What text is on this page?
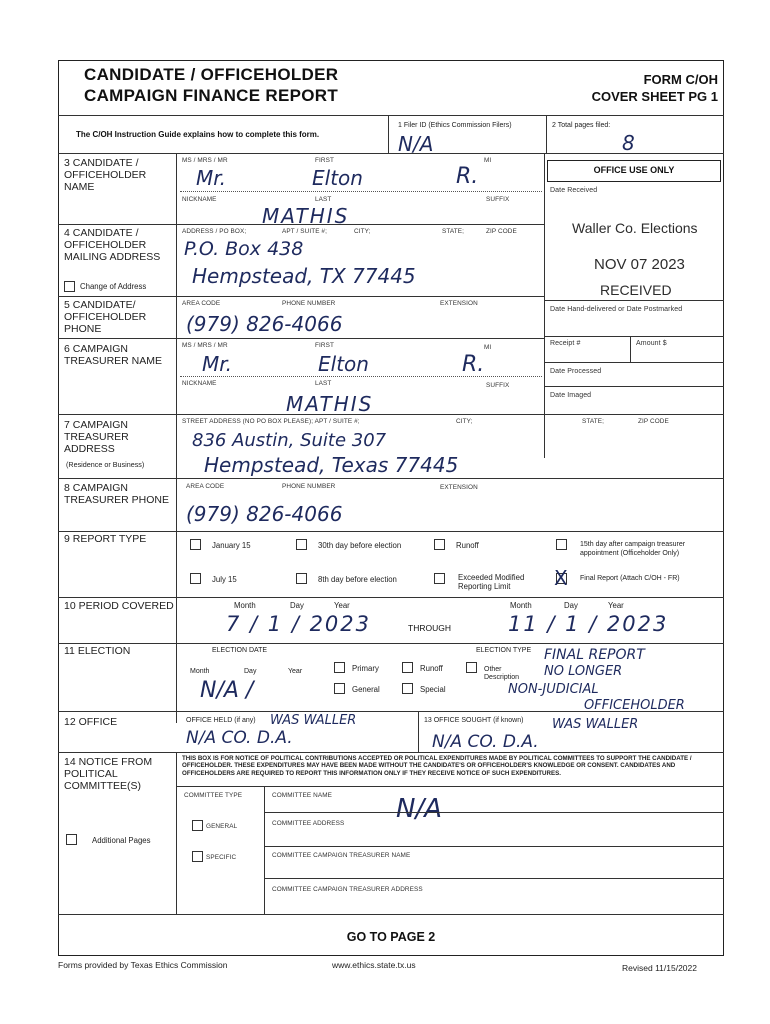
CANDIDATE / OFFICEHOLDER
CAMPAIGN FINANCE REPORT
FORM C/OH
COVER SHEET PG 1
The C/OH Instruction Guide explains how to complete this form.
1 Filer ID (Ethics Commission Filers)
N/A
2 Total pages filed:
8
3 CANDIDATE / OFFICEHOLDER NAME
MS / MRS / MR	FIRST	MI
Mr.	Elton	R.
NICKNAME	LAST	SUFFIX
MATHIS
OFFICE USE ONLY
Date Received
Waller Co. Elections
NOV 07 2023
RECEIVED
Date Hand-delivered or Date Postmarked
Receipt #	Amount $
Date Processed
Date Imaged
4 CANDIDATE / OFFICEHOLDER MAILING ADDRESS
Change of Address
ADDRESS / PO BOX;	APT / SUITE #;	CITY;	STATE;	ZIP CODE
P.O. Box 438
Hempstead, TX 77445
5 CANDIDATE/ OFFICEHOLDER PHONE
AREA CODE	PHONE NUMBER	EXTENSION
(979) 826-4066
6 CAMPAIGN TREASURER NAME
MS / MRS / MR	FIRST	MI
Mr.	Elton	R.
NICKNAME	LAST	SUFFIX
MATHIS
7 CAMPAIGN TREASURER ADDRESS
(Residence or Business)
STREET ADDRESS (NO PO BOX PLEASE); APT / SUITE #;	CITY;	STATE;	ZIP CODE
836 Austin, Suite 307
Hempstead, Texas 77445
8 CAMPAIGN TREASURER PHONE
AREA CODE	PHONE NUMBER	EXTENSION
(979) 826-4066
9 REPORT TYPE
January 15	30th day before election	Runoff	15th day after campaign treasurer appointment (Officeholder Only)
July 15	8th day before election	Exceeded Modified Reporting Limit	X Final Report (Attach C/OH - FR)
10 PERIOD COVERED	Month	Day	Year	Month	Day	Year
7 / 1 / 2023	THROUGH	11 / 1 / 2023
11 ELECTION	ELECTION DATE
Month	Day	Year
N/A /
ELECTION TYPE
Primary	Runoff	Other
Description
General	Special
FINAL REPORT
NO LONGER
NON-JUDICIAL
OFFICEHOLDER
12 OFFICE	OFFICE HELD (if any) WAS WALLER
N/A CO. D.A.
13 OFFICE SOUGHT (if known) WAS WALLER
N/A CO. D.A.
14 NOTICE FROM POLITICAL COMMITTEE(S)
THIS BOX IS FOR NOTICE OF POLITICAL CONTRIBUTIONS ACCEPTED OR POLITICAL EXPENDITURES MADE BY POLITICAL COMMITTEES TO SUPPORT THE CANDIDATE / OFFICEHOLDER. THESE EXPENDITURES MAY HAVE BEEN MADE WITHOUT THE CANDIDATE'S OR OFFICEHOLDER'S KNOWLEDGE OR CONSENT. CANDIDATES AND OFFICEHOLDERS ARE REQUIRED TO REPORT THIS INFORMATION ONLY IF THEY RECEIVE NOTICE OF SUCH EXPENDITURES.
COMMITTEE TYPE	COMMITTEE NAME N/A
Additional Pages
GENERAL	COMMITTEE ADDRESS
SPECIFIC	COMMITTEE CAMPAIGN TREASURER NAME
COMMITTEE CAMPAIGN TREASURER ADDRESS
GO TO PAGE 2
Forms provided by Texas Ethics Commission	www.ethics.state.tx.us	Revised 11/15/2022
